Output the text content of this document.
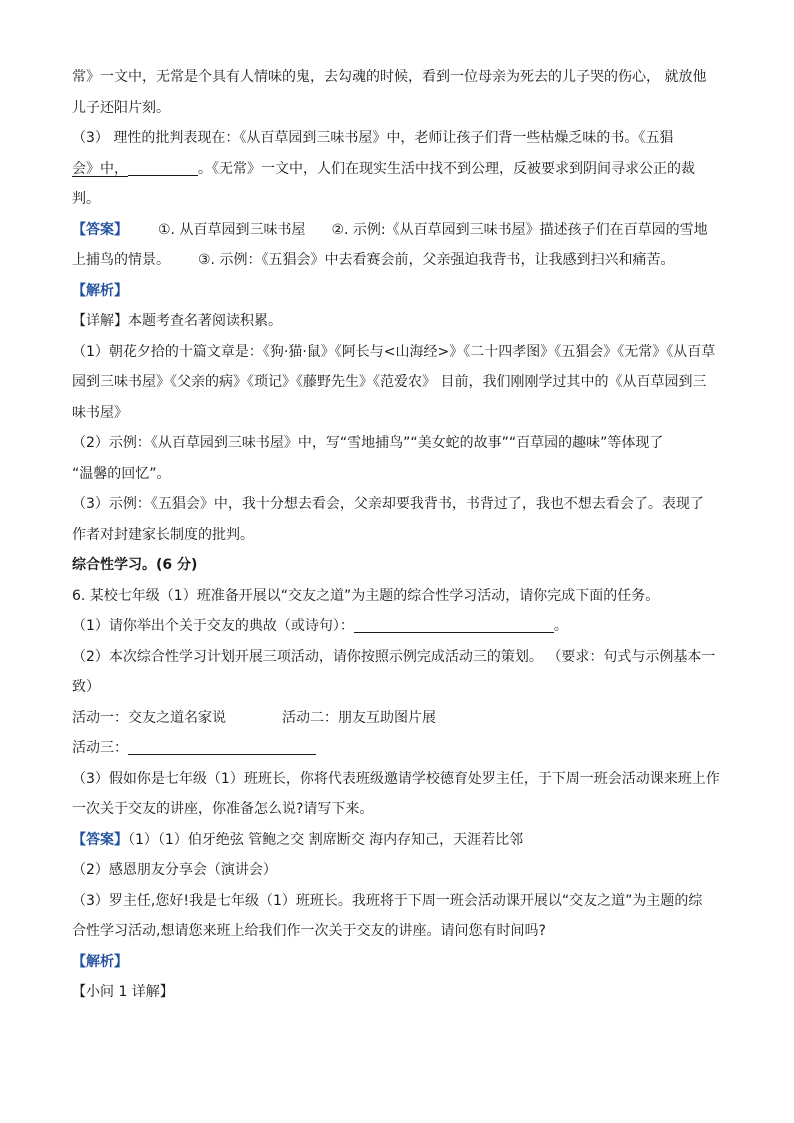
常》一文中，无常是个具有人情味的鬼，去勾魂的时候，看到一位母亲为死去的儿子哭的伤心， 就放他
儿子还阳片刻。
（3） 理性的批判表现在：《从百草园到三味书屋》中，老师让孩子们背一些枯燥乏味的书。《五猖
会》中，	。《无常》一文中，人们在现实生活中找不到公理，反被要求到阴间寻求公正的裁
判。
【答案】 ①. 从百草园到三味书屋 ②. 示例:《从百草园到三味书屋》描述孩子们在百草园的雪地
上捕鸟的情景。 ③. 示例：《五猖会》中去看赛会前，父亲强迫我背书，让我感到扫兴和痛苦。
【解析】
【详解】本题考查名著阅读积累。
（1）朝花夕拾的十篇文章是：《狗·猫·鼠》《阿长与<山海经>》《二十四孝图》《五猖会》《无常》《从百草
园到三味书屋》《父亲的病》《琐记》《藤野先生》《范爱农》 目前，我们刚刚学过其中的《从百草园到三
味书屋》
（2）示例：《从百草园到三味书屋》中，写“雪地捕鸟”“美女蛇的故事”“百草园的趣味”等体现了
“温馨的回忆”。
（3）示例：《五猖会》中，我十分想去看会，父亲却要我背书，书背过了，我也不想去看会了。表现了
作者对封建家长制度的批判。
综合性学习。(6 分)
6. 某校七年级（1）班准备开展以“交友之道”为主题的综合性学习活动，请你完成下面的任务。
（1）请你举出个关于交友的典故（或诗句）：	。
（2）本次综合性学习计划开展三项活动，请你按照示例完成活动三的策划。 （要求：句式与示例基本一
致）
活动一：交友之道名家说	活动二：朋友互助图片展
活动三：
（3）假如你是七年级（1）班班长，你将代表班级邀请学校德育处罗主任，于下周一班会活动课来班上作
一次关于交友的讲座，你准备怎么说?请写下来。
【答案】（1）（1）伯牙绝弦 管鲍之交 割席断交 海内存知己，天涯若比邻
（2）感恩朋友分享会（演讲会）
（3）罗主任,您好!我是七年级（1）班班长。我班将于下周一班会活动课开展以“交友之道”为主题的综
合性学习活动,想请您来班上给我们作一次关于交友的讲座。请问您有时间吗?
【解析】
【小问 1 详解】
